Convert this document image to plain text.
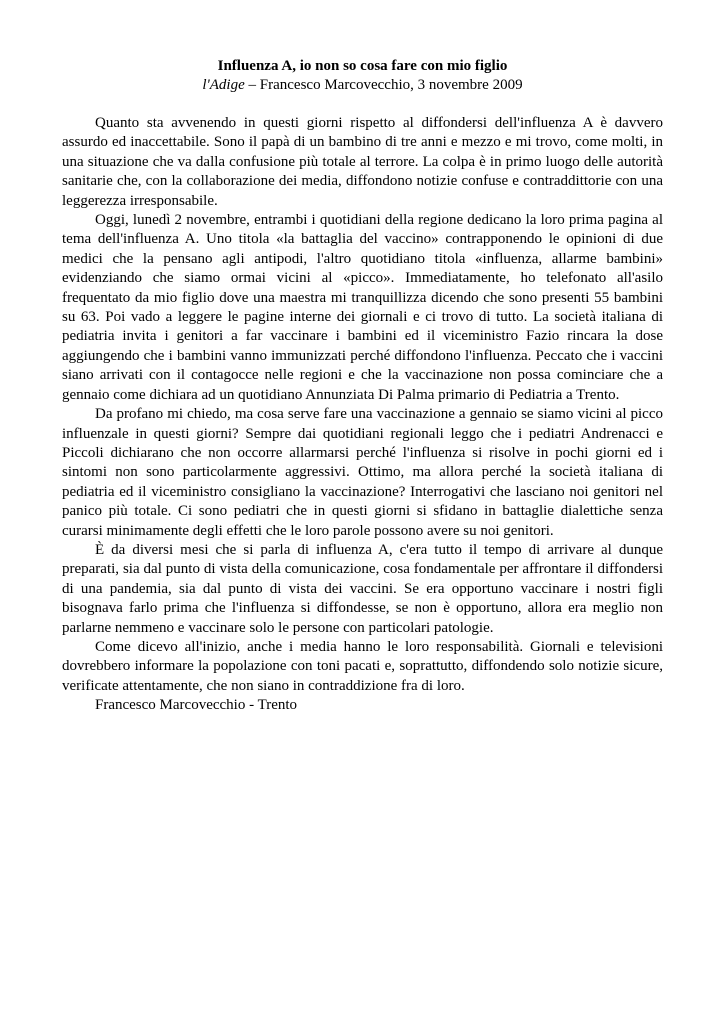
Influenza A, io non so cosa fare con mio figlio

l'Adige – Francesco Marcovecchio, 3 novembre 2009

Quanto sta avvenendo in questi giorni rispetto al diffondersi dell'influenza A è davvero assurdo ed inaccettabile. Sono il papà di un bambino di tre anni e mezzo e mi trovo, come molti, in una situazione che va dalla confusione più totale al terrore. La colpa è in primo luogo delle autorità sanitarie che, con la collaborazione dei media, diffondono notizie confuse e contraddittorie con una leggerezza irresponsabile.

Oggi, lunedì 2 novembre, entrambi i quotidiani della regione dedicano la loro prima pagina al tema dell'influenza A. Uno titola «la battaglia del vaccino» contrapponendo le opinioni di due medici che la pensano agli antipodi, l'altro quotidiano titola «influenza, allarme bambini» evidenziando che siamo ormai vicini al «picco». Immediatamente, ho telefonato all'asilo frequentato da mio figlio dove una maestra mi tranquillizza dicendo che sono presenti 55 bambini su 63. Poi vado a leggere le pagine interne dei giornali e ci trovo di tutto. La società italiana di pediatria invita i genitori a far vaccinare i bambini ed il viceministro Fazio rincara la dose aggiungendo che i bambini vanno immunizzati perché diffondono l'influenza. Peccato che i vaccini siano arrivati con il contagocce nelle regioni e che la vaccinazione non possa cominciare che a gennaio come dichiara ad un quotidiano Annunziata Di Palma primario di Pediatria a Trento.

Da profano mi chiedo, ma cosa serve fare una vaccinazione a gennaio se siamo vicini al picco influenzale in questi giorni? Sempre dai quotidiani regionali leggo che i pediatri Andrenacci e Piccoli dichiarano che non occorre allarmarsi perché l'influenza si risolve in pochi giorni ed i sintomi non sono particolarmente aggressivi. Ottimo, ma allora perché la società italiana di pediatria ed il viceministro consigliano la vaccinazione? Interrogativi che lasciano noi genitori nel panico più totale. Ci sono pediatri che in questi giorni si sfidano in battaglie dialettiche senza curarsi minimamente degli effetti che le loro parole possono avere su noi genitori.

È da diversi mesi che si parla di influenza A, c'era tutto il tempo di arrivare al dunque preparati, sia dal punto di vista della comunicazione, cosa fondamentale per affrontare il diffondersi di una pandemia, sia dal punto di vista dei vaccini. Se era opportuno vaccinare i nostri figli bisognava farlo prima che l'influenza si diffondesse, se non è opportuno, allora era meglio non parlarne nemmeno e vaccinare solo le persone con particolari patologie.

Come dicevo all'inizio, anche i media hanno le loro responsabilità. Giornali e televisioni dovrebbero informare la popolazione con toni pacati e, soprattutto, diffondendo solo notizie sicure, verificate attentamente, che non siano in contraddizione fra di loro.

Francesco Marcovecchio - Trento
